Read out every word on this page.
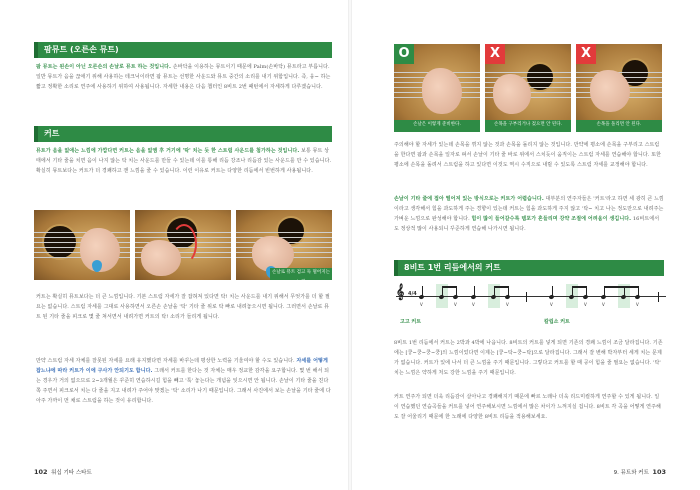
팜뮤트 (오른손 뮤트)
팜 뮤트는 왼손이 아닌 오른손의 손날로 뮤트 하는 것입니다. 손바닥을 이용하는 뮤트이기 때문에 Palm(손바닥) 뮤트라고 부릅니다. 일반 뮤트가 음을 끊애기 위해 사용하는 테크닉이라면 팜 뮤트는 선명한 사운드와 뮤트 중간의 소리를 내기 위함입니다. 즉, 웅~ 하는 짧고 정확한 소리로 연주에 사용하기 위하여 사용됩니다. 자세한 내용은 다음 챕터인 8비트 2번 패턴에서 자세하게 다루겠습니다.
커트
뮤트가 음을 없애는 느낌에 가깝다면 커트는 음을 없앰 후 거기에 '탁' 치는 듯 한 스트럼 사운드를 첨가하는 것입니다. 보통 뮤트 상태에서 기타 줄을 치면 음이 나지 않는 탁 치는 사운드를 만들 수 있는데 이를 통해 리듬 강조나 리듬감 있는 사운드를 만 수 있습니다. 확실히 뮤트보다는 커트가 더 경쾌하고 잰 느낌을 줄 수 있습니다. 이런 이유로 커트는 다양한 리듬에서 빈번하게 사용됩니다.
손날로 뮤트 검고 둑 떨어지는 느낌
커트는 확실히 뮤트보다는 더 큰 느낌입니다. 기본 스트럼 자세가 잘 잡혀져 있다면 탁! 치는 사운드를 내기 위해서 무엇가를 더 할 필요는 없습니다. 스트럼 자세를 그대로 사용하면서 오른손 손날을 '탁' 기타 줄 위로 탁 빠로 내려놓으시면 됩니다. 그러면서 손날로 뮤트 된 기타 줄을 피크로 몇 줄 쳐서면서 내려가면 커트의 탁! 소리가 들리게 됩니다.
만약 스트럼 자세 자체를 잘못된 자세를 요래 유지했다면 자세를 바꾸는데 평상한 노력을 기울여야 할 수도 있습니다. 자세를 어떻게 잡느냐에 따라 커트가 이에 구사가 안되기도 합니다. 그래서 커트를 한다는 것 자체는 매우 정교한 감각을 요구합니다. 몇 번 해서 되는 경우가 거의 없으므로 2~3개월은 꾸준히 연습하시길 힘을 빼고 '툭' 놓는다는 개념을 잊으시면 안 됩니다. 손날이 기타 줄을 친다 쪽 주면서 피크로서 치는 다 줄을 지고 내려가 주어야 맞겠는 '탁' 소리가 나기 때문입니다. 그래서 사진에서 보는 손날을 기타 줄에 다 아주 가까이 먼 채로 스트럼을 하는 것이 유리합니다.
102 워십 기타 스타트
O
손날은 이렇게 준비한다.
X
손목을 구부리거나 젖으면 안 된다.
X
손목을 돌리면 안 된다.
주의해야 할 자세가 있는데 손목을 꺾지 않는 것과 손목을 돌리지 않는 것입니다. 만약에 평소에 손목을 구부리고 스트럼을 한다면 팜과 손목을 일자로 펴서 손날이 기타 줄 바로 위에서 스치듯이 움직이는 스트럼 자세를 연습해야 합니다. 또한 평소에 손목을 돌려서 스트럼을 하고 있다면 이것도 역시 수직으로 내릴 수 있도록 스트럼 자세를 교정해야 합니다.
손날이 기타 줄에 접아 떨어져 있는 방식으로는 커트가 어렵습니다. 대부분의 연주자들은 '커트'라고 하면 세 광히 큰 느낌이라고 생각해서 힘을 과도하게 주는 경향이 있는데 커트는 힘을 과도하게 주지 않고 '탁~ 치고 나는 정도만으로 내려주는 가벼운 느낌으로 완성해야 합니다. 힘이 많이 들어갈수록 템포가 흔들리며 강약 조절에 어려움이 생깁니다. 16비트에서도 정상적 많이 사용되니 꾸준하게 연습해 나가시면 됩니다.
8비트 1번 리듬에서의 커트
𝄞 4/4
V	V	V	V	V	V	V	V
고고 커트	칼립소 커트
8비트 1번 리듬에서 커트는 2박과 4박에 나옵니다. 8비트의 커트를 넣게 되면 기존의 경쾌 느낌이 조금 달라집니다. 기존에는 [쿵~쿵~쿵~쿵]의 느낌이었다면 이제는 [쿵~탁~쿵~탁]으로 달라집니다. 그래서 잘 변해 박자부터 세게 치는 문제가 없습니다. 커트가 있에 나서 더 큰 느낌을 주기 때문입니다. 그렇다고 커트를 할 때 공이 힘을 줄 필요는 없습니다. '탁' 치는 느낌은 약하게 처도 강한 느낌을 주기 때문입니다.
커트 연주가 되면 더욱 리듬감이 살아나고 경쾌해지기 때문에 빠르 노래나 더욱 리드미컬하게 연주할 수 있게 됩니다. 일이 연습했던 연습곡들을 커트를 넣어 연주해보시면 느낌에서 많은 차이가 느껴지실 겁니다. 8비트 각 곡을 어떻게 연주해도 잘 어울리기 때문에 한 노래에 다양한 8비트 리듬을 적용해보세요.
9. 뮤트와 커트 103
